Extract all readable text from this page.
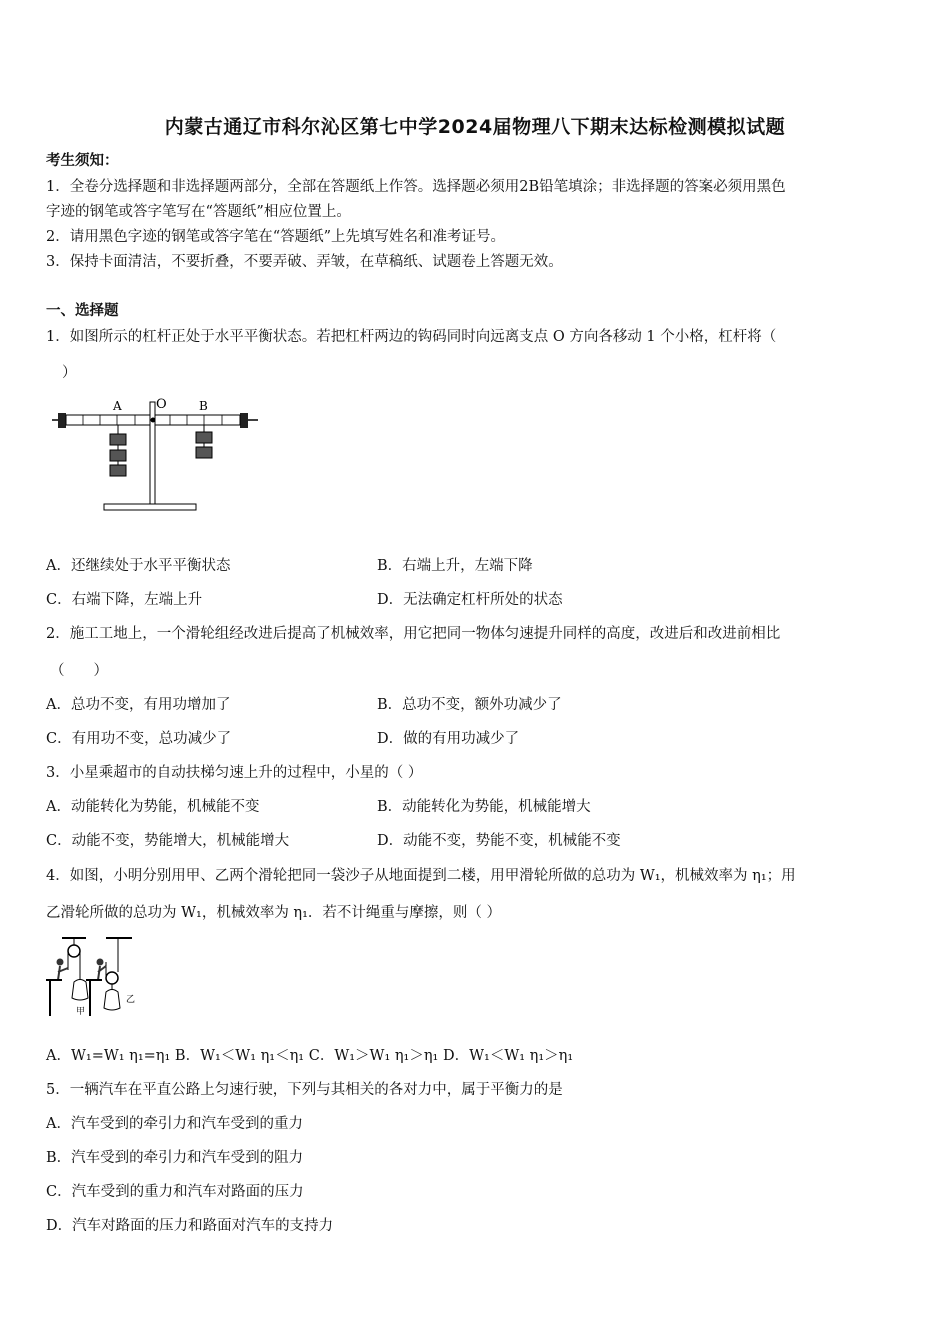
内蒙古通辽市科尔沁区第七中学2024届物理八下期末达标检测模拟试题
考生须知：
1．全卷分选择题和非选择题两部分，全部在答题纸上作答。选择题必须用2B铅笔填涂；非选择题的答案必须用黑色
字迹的钢笔或答字笔写在“答题纸”相应位置上。
2．请用黑色字迹的钢笔或答字笔在“答题纸”上先填写姓名和准考证号。
3．保持卡面清洁，不要折叠，不要弄破、弄皱，在草稿纸、试题卷上答题无效。
一、选择题
1．如图所示的杠杆正处于水平平衡状态。若把杠杆两边的钩码同时向远离支点 O 方向各移动 1 个小格，杠杆将（
）
A	O	B
A．还继续处于水平平衡状态	B．右端上升，左端下降
C．右端下降，左端上升	D．无法确定杠杆所处的状态
2．施工工地上，一个滑轮组经改进后提高了机械效率，用它把同一物体匀速提升同样的高度，改进后和改进前相比
（　　）
A．总功不变，有用功增加了	B．总功不变，额外功减少了
C．有用功不变，总功减少了	D．做的有用功减少了
3．小星乘超市的自动扶梯匀速上升的过程中，小星的（ ）
A．动能转化为势能，机械能不变	B．动能转化为势能，机械能增大
C．动能不变，势能增大，机械能增大	D．动能不变，势能不变，机械能不变
4．如图，小明分别用甲、乙两个滑轮把同一袋沙子从地面提到二楼，用甲滑轮所做的总功为 W₁，机械效率为 η₁；用
乙滑轮所做的总功为 W₁，机械效率为 η₁．若不计绳重与摩擦，则（ ）
甲
乙
A．W₁=W₁ η₁=η₁ B．W₁＜W₁ η₁＜η₁ C．W₁＞W₁ η₁＞η₁ D．W₁＜W₁ η₁＞η₁
5．一辆汽车在平直公路上匀速行驶，下列与其相关的各对力中，属于平衡力的是
A．汽车受到的牵引力和汽车受到的重力
B．汽车受到的牵引力和汽车受到的阻力
C．汽车受到的重力和汽车对路面的压力
D．汽车对路面的压力和路面对汽车的支持力
